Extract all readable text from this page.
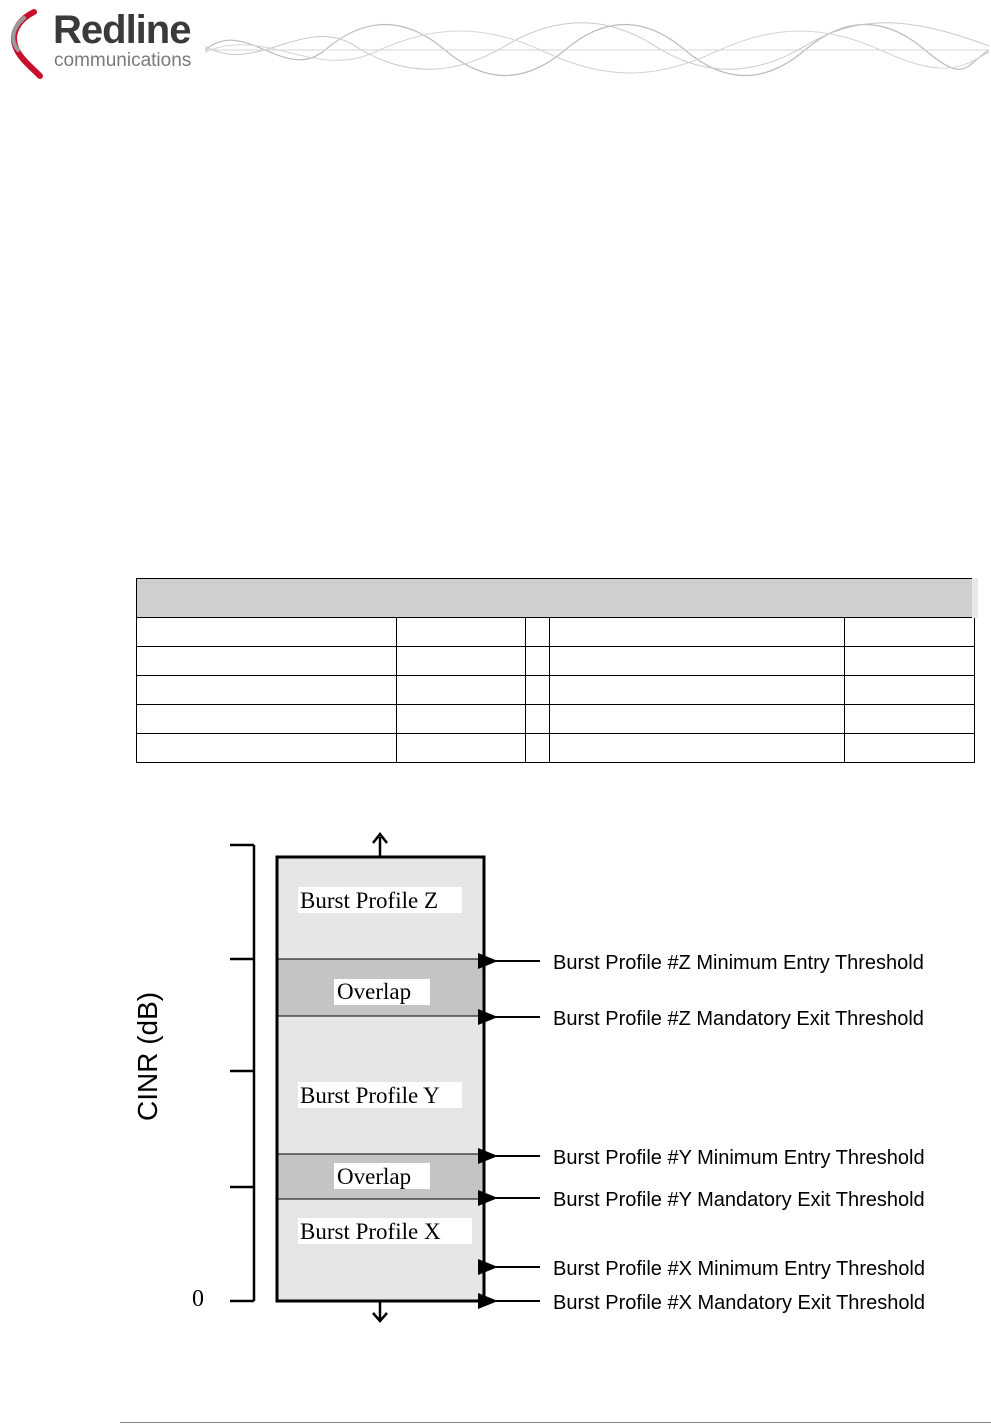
Redline
communications

CINR (dB)
0
Burst Profile Z
Overlap
Burst Profile Y
Overlap
Burst Profile X
Burst Profile #Z Minimum Entry Threshold
Burst Profile #Z Mandatory Exit Threshold
Burst Profile #Y Minimum Entry Threshold
Burst Profile #Y Mandatory Exit Threshold
Burst Profile #X Minimum Entry Threshold
Burst Profile #X Mandatory Exit Threshold
